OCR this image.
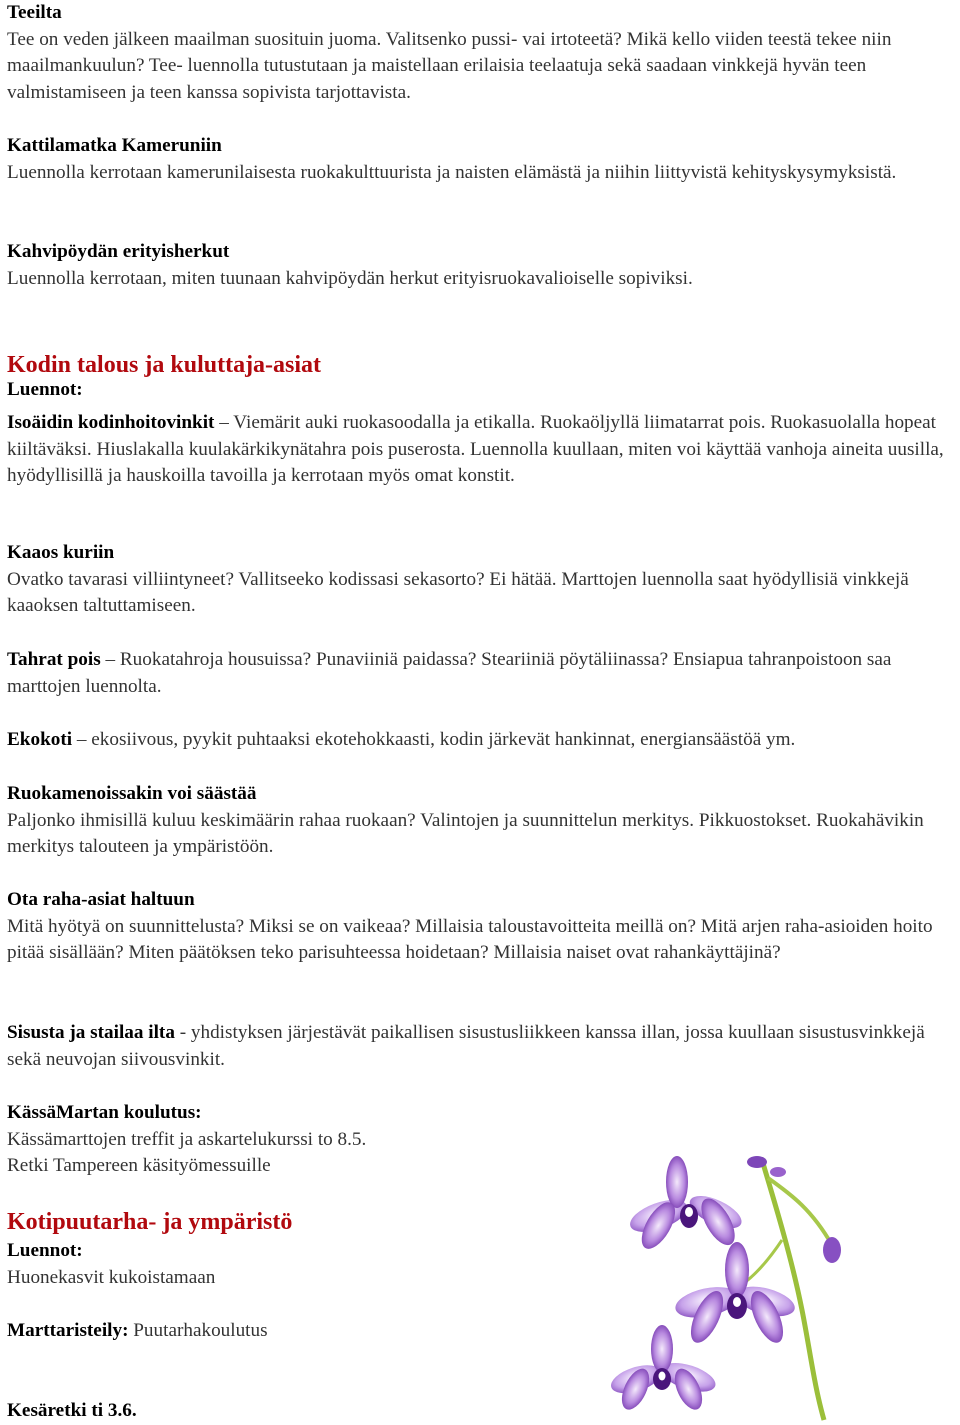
Teeilta
Tee on veden jälkeen maailman suosituin juoma. Valitsenko pussi- vai irtoteetä? Mikä kello viiden teestä tekee niin maailmankuulun? Tee- luennolla tutustutaan ja maistellaan erilaisia teelaatuja sekä saadaan vinkkejä hyvän teen valmistamiseen ja teen kanssa sopivista tarjottavista.
Kattilamatka Kameruniin
Luennolla kerrotaan kamerunilaisesta ruokakulttuurista ja naisten elämästä ja niihin liittyvistä kehityskysymyksistä.
Kahvipöydän erityisherkut
Luennolla kerrotaan, miten tuunaan kahvipöydän herkut erityisruokavalioiselle sopiviksi.
Kodin talous ja kuluttaja-asiat
Luennot:
Isoäidin kodinhoitovinkit – Viemärit auki ruokasoodalla ja etikalla. Ruokaöljyllä liimatarrat pois. Ruokasuolalla hopeat kiiltäväksi. Hiuslakalla kuulakärkikynätahra pois puserosta. Luennolla kuullaan, miten voi käyttää vanhoja aineita uusilla, hyödyllisillä ja hauskoilla tavoilla ja kerrotaan myös omat konstit.
Kaaos kuriin
Ovatko tavarasi villiintyneet? Vallitseeko kodissasi sekasorto? Ei hätää. Marttojen luennolla saat hyödyllisiä vinkkejä kaaoksen taltuttamiseen.
Tahrat pois – Ruokatahroja housuissa? Punaviiniä paidassa? Steariiniä pöytäliinassa? Ensiapua tahranpoistoon saa marttojen luennolta.
Ekokoti – ekosiivous, pyykit puhtaaksi ekotehokkaasti, kodin järkevät hankinnat, energiansäästöä ym.
Ruokamenoissakin voi säästää
Paljonko ihmisillä kuluu keskimäärin rahaa ruokaan? Valintojen ja suunnittelun merkitys. Pikkuostokset. Ruokahävikin merkitys talouteen ja ympäristöön.
Ota raha-asiat haltuun
Mitä hyötyä on suunnittelusta? Miksi se on vaikeaa? Millaisia taloustavoitteita meillä on? Mitä arjen raha-asioiden hoito pitää sisällään? Miten päätöksen teko parisuhteessa hoidetaan? Millaisia naiset ovat rahankäyttäjinä?
Sisusta ja stailaa ilta - yhdistyksen järjestävät paikallisen sisustusliikkeen kanssa illan, jossa kuullaan sisustusvinkkejä sekä neuvojan siivousvinkit.
KässäMartan koulutus:
Kässämarttojen treffit ja askartelukurssi to 8.5.
Retki Tampereen käsityömessuille
Kotipuutarha- ja ympäristö
Luennot:
Huonekasvit kukoistamaan
Marttaristeily: Puutarhakoulutus
Kesäretki ti 3.6.
